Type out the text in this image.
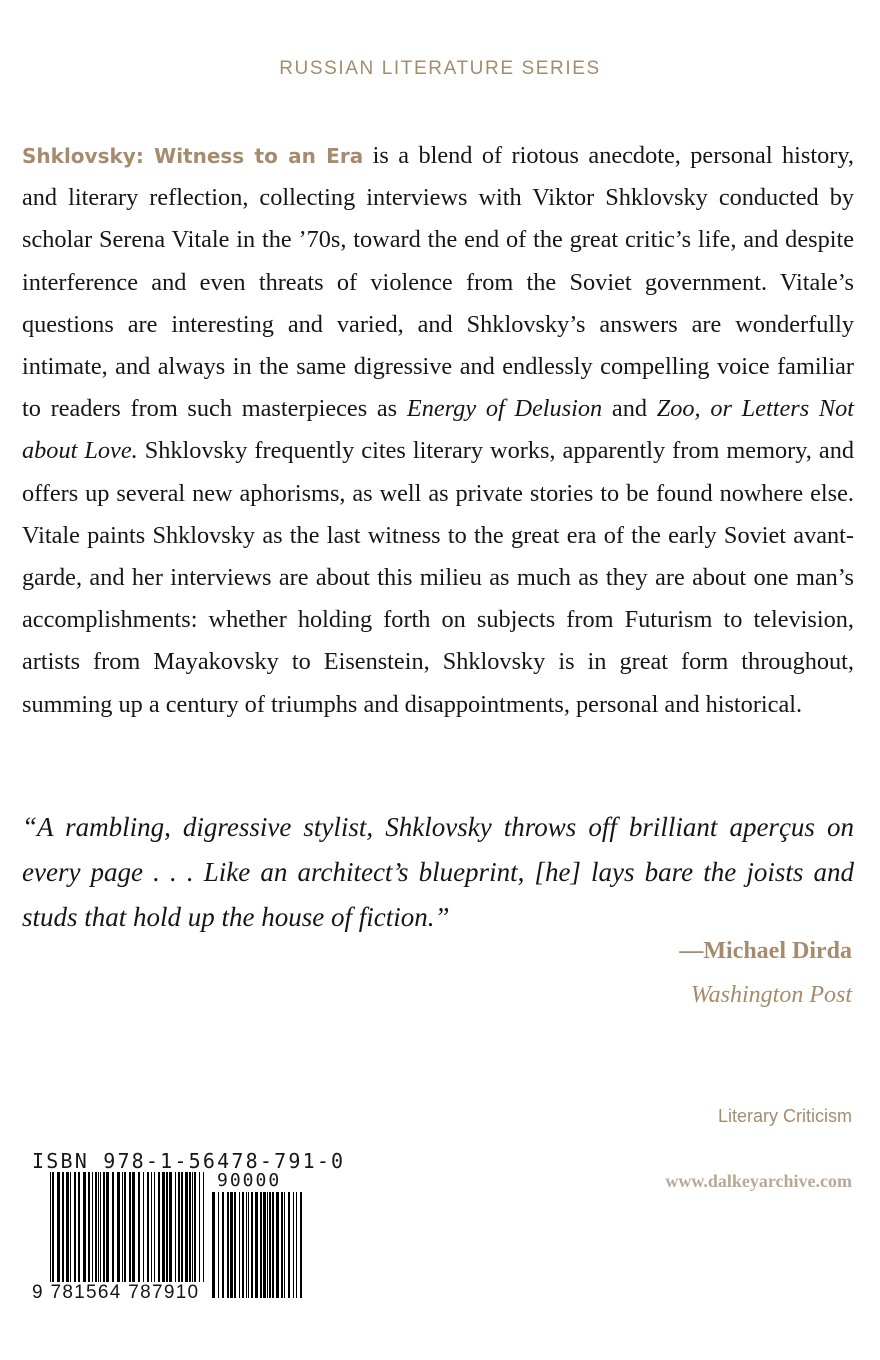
RUSSIAN LITERATURE SERIES

Shklovsky: Witness to an Era is a blend of riotous anecdote, personal history, and literary reflection, collecting interviews with Viktor Shklovsky conducted by scholar Serena Vitale in the ’70s, toward the end of the great critic’s life, and despite interference and even threats of violence from the Soviet government. Vitale’s questions are interesting and varied, and Shklovsky’s answers are wonderfully intimate, and always in the same digressive and endlessly compelling voice familiar to readers from such masterpieces as Energy of Delusion and Zoo, or Letters Not about Love. Shklovsky frequently cites literary works, apparently from memory, and offers up several new aphorisms, as well as private stories to be found nowhere else. Vitale paints Shklovsky as the last witness to the great era of the early Soviet avant-garde, and her interviews are about this milieu as much as they are about one man’s accomplishments: whether holding forth on subjects from Futurism to television, artists from Mayakovsky to Eisenstein, Shklovsky is in great form throughout, summing up a century of triumphs and disappointments, personal and historical.

“A rambling, digressive stylist, Shklovsky throws off brilliant aperçus on every page . . . Like an architect’s blueprint, [he] lays bare the joists and studs that hold up the house of fiction.”

—Michael Dirda
Washington Post
Literary Criticism
www.dalkeyarchive.com
ISBN 978-1-56478-791-0
90000
9 781564 787910
